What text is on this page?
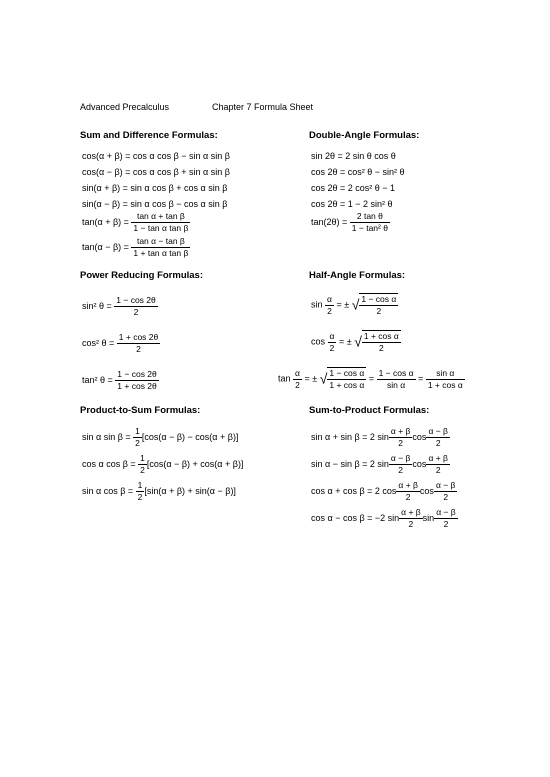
Advanced Precalculus	Chapter 7 Formula Sheet
Sum and Difference Formulas:	Double-Angle Formulas:
Power Reducing Formulas:	Half-Angle Formulas:
Product-to-Sum Formulas:	Sum-to-Product Formulas:
cos(α + β) = cos α cos β − sin α sin β
cos(α − β) = cos α cos β + sin α sin β
sin(α + β) = sin α cos β + cos α sin β
sin(α − β) = sin α cos β − cos α sin β
$\tan(\alpha + \beta) = \frac{\text{tan α + tan β}}{\text{1 − tan α tan β}}$
$\tan(\alpha - \beta) = \frac{\text{tan α − tan β}}{\text{1 + tan α tan β}}$
sin 2θ = 2 sin θ cos θ
cos 2θ = cos² θ − sin² θ
cos 2θ = 2 cos² θ − 1
cos 2θ = 1 − 2 sin² θ
$\tan(2\theta) = \frac{\text{2 tan θ}}{\text{1 − tan² θ}}$
sin² $\theta = \frac{1 - \cos 2\theta}{2}$
cos² $\theta = \frac{1 + \cos 2\theta}{2}$
tan² $\theta = \frac{1 - \cos 2\theta}{1 + \cos 2\theta}$
$\sin \frac{\alpha}{2}$ = ± √ $\frac{\text{1 − cos α}}{2}$
$\cos \frac{\alpha}{2}$ = ± √ $\frac{\text{1 + cos α}}{2}$
$\tan \frac{\alpha}{2}$ = ± √ $\frac{\text{1 − cos α}}{\text{1 + cos α}} = \frac{\text{1 − cos α}}{\text{sin α}} = \frac{\text{sin α}}{\text{1 + cos α}}$
sin α $\sin \beta = \frac{1}{2} [\cos(\alpha - \beta) - \cos(\alpha + \beta)]$
cos α $\cos \beta = \frac{1}{2} [\cos(\alpha - \beta) + \cos(\alpha + \beta)]$
sin α $\cos \beta = \frac{1}{2} [\sin(\alpha + \beta) + \sin(\alpha - \beta)]$
sin α + sin β = 2 $\sin \frac{\alpha + \beta}{2}$ $\cos \frac{\alpha - \beta}{2}$
sin α − sin β = 2 $\sin \frac{\alpha - \beta}{2}$ $\cos \frac{\alpha + \beta}{2}$
cos α + cos β = 2 $\cos \frac{\alpha + \beta}{2}$ $\cos \frac{\alpha - \beta}{2}$
cos α − cos β = −2 $\sin \frac{\alpha + \beta}{2}$ $\sin \frac{\alpha - \beta}{2}$
